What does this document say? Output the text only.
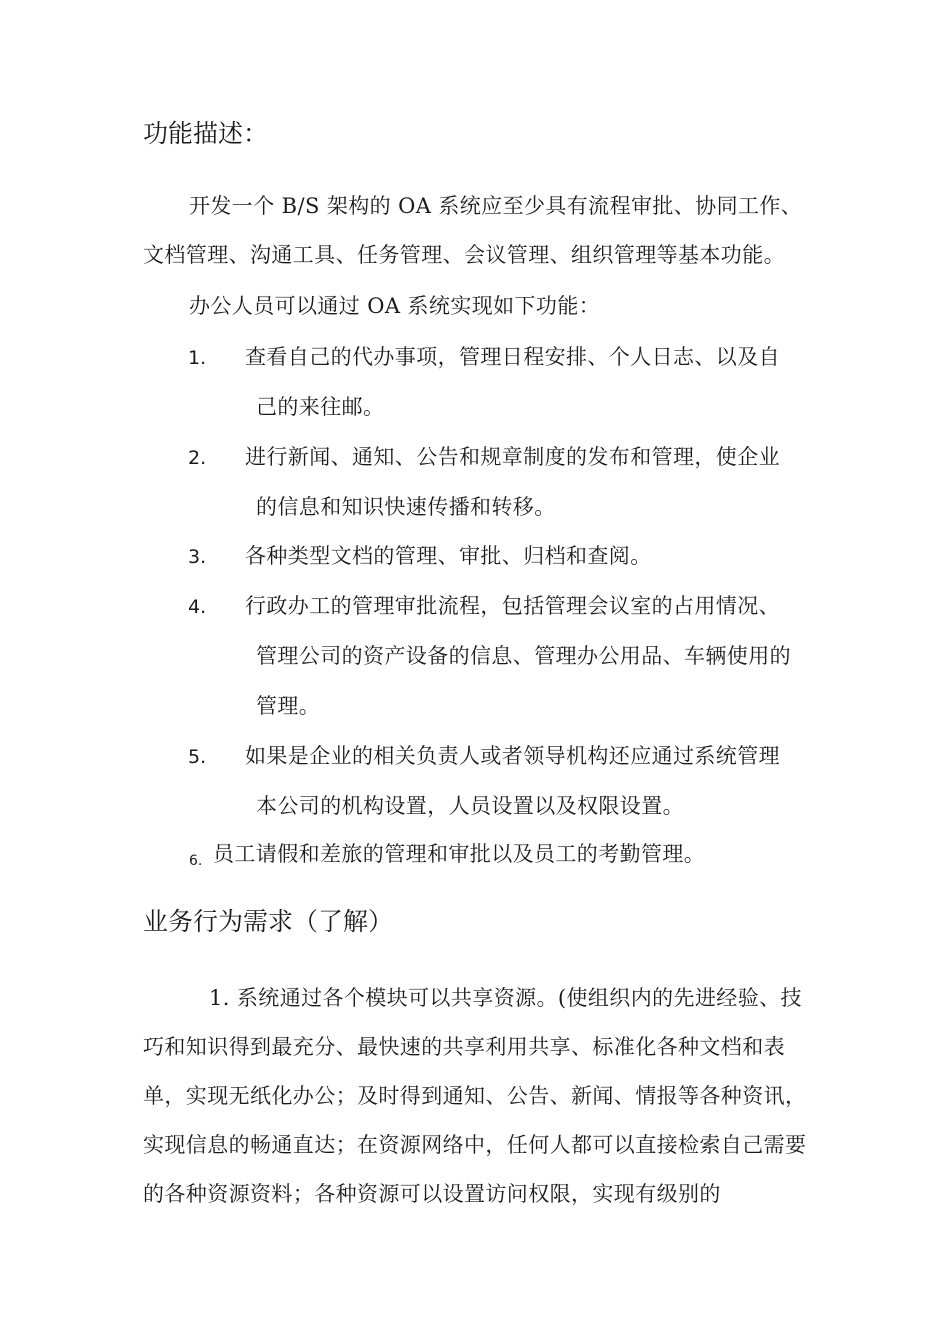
功能描述：
开发一个 B/S 架构的 OA 系统应至少具有流程审批、协同工作、文档管理、沟通工具、任务管理、会议管理、组织管理等基本功能。
办公人员可以通过 OA 系统实现如下功能：
1. 查看自己的代办事项，管理日程安排、个人日志、以及自
己的来往邮。
2. 进行新闻、通知、公告和规章制度的发布和管理，使企业
的信息和知识快速传播和转移。
3. 各种类型文档的管理、审批、归档和查阅。
4. 行政办工的管理审批流程，包括管理会议室的占用情况、
管理公司的资产设备的信息、管理办公用品、车辆使用的
管理。
5. 如果是企业的相关负责人或者领导机构还应通过系统管理
本公司的机构设置，人员设置以及权限设置。
6. 员工请假和差旅的管理和审批以及员工的考勤管理。
业务行为需求（了解）
1. 系统通过各个模块可以共享资源。(使组织内的先进经验、技巧和知识得到最充分、最快速的共享利用共享、标准化各种文档和表单，实现无纸化办公；及时得到通知、公告、新闻、情报等各种资讯，实现信息的畅通直达；在资源网络中，任何人都可以直接检索自己需要的各种资源资料；各种资源可以设置访问权限，实现有级别的
